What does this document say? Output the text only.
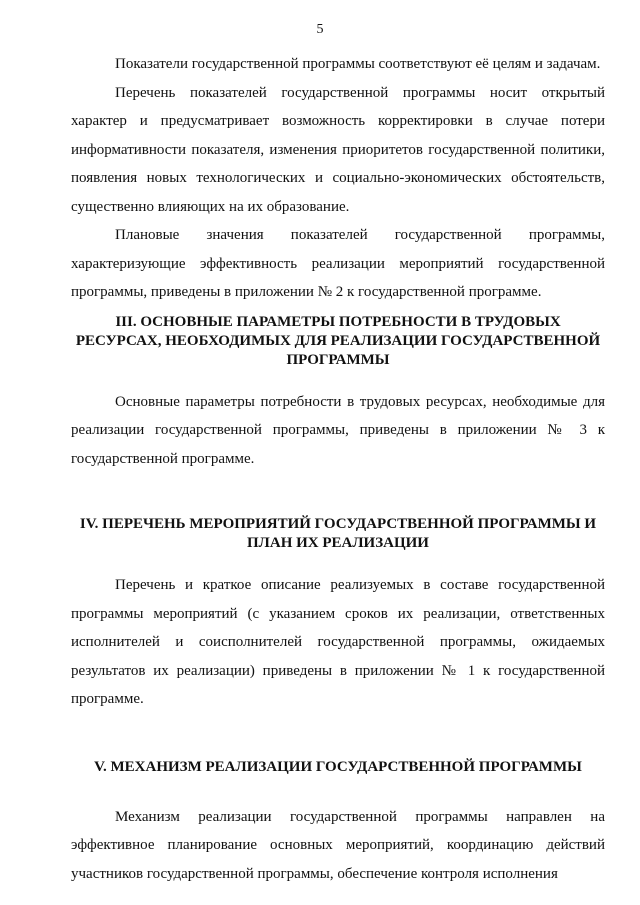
5

Показатели государственной программы соответствуют её целям и задачам.

Перечень показателей государственной программы носит открытый характер и предусматривает возможность корректировки в случае потери информативности показателя, изменения приоритетов государственной политики, появления новых технологических и социально-экономических обстоятельств, существенно влияющих на их образование.

Плановые значения показателей государственной программы, характеризующие эффективность реализации мероприятий государственной программы, приведены в приложении № 2 к государственной программе.

III. ОСНОВНЫЕ ПАРАМЕТРЫ ПОТРЕБНОСТИ В ТРУДОВЫХ РЕСУРСАХ, НЕОБХОДИМЫХ ДЛЯ РЕАЛИЗАЦИИ ГОСУДАРСТВЕННОЙ ПРОГРАММЫ

Основные параметры потребности в трудовых ресурсах, необходимые для реализации государственной программы, приведены в приложении № 3 к государственной программе.

IV. ПЕРЕЧЕНЬ МЕРОПРИЯТИЙ ГОСУДАРСТВЕННОЙ ПРОГРАММЫ И ПЛАН ИХ РЕАЛИЗАЦИИ

Перечень и краткое описание реализуемых в составе государственной программы мероприятий (с указанием сроков их реализации, ответственных исполнителей и соисполнителей государственной программы, ожидаемых результатов их реализации) приведены в приложении № 1 к государственной программе.

V. МЕХАНИЗМ РЕАЛИЗАЦИИ ГОСУДАРСТВЕННОЙ ПРОГРАММЫ

Механизм реализации государственной программы направлен на эффективное планирование основных мероприятий, координацию действий участников государственной программы, обеспечение контроля исполнения
